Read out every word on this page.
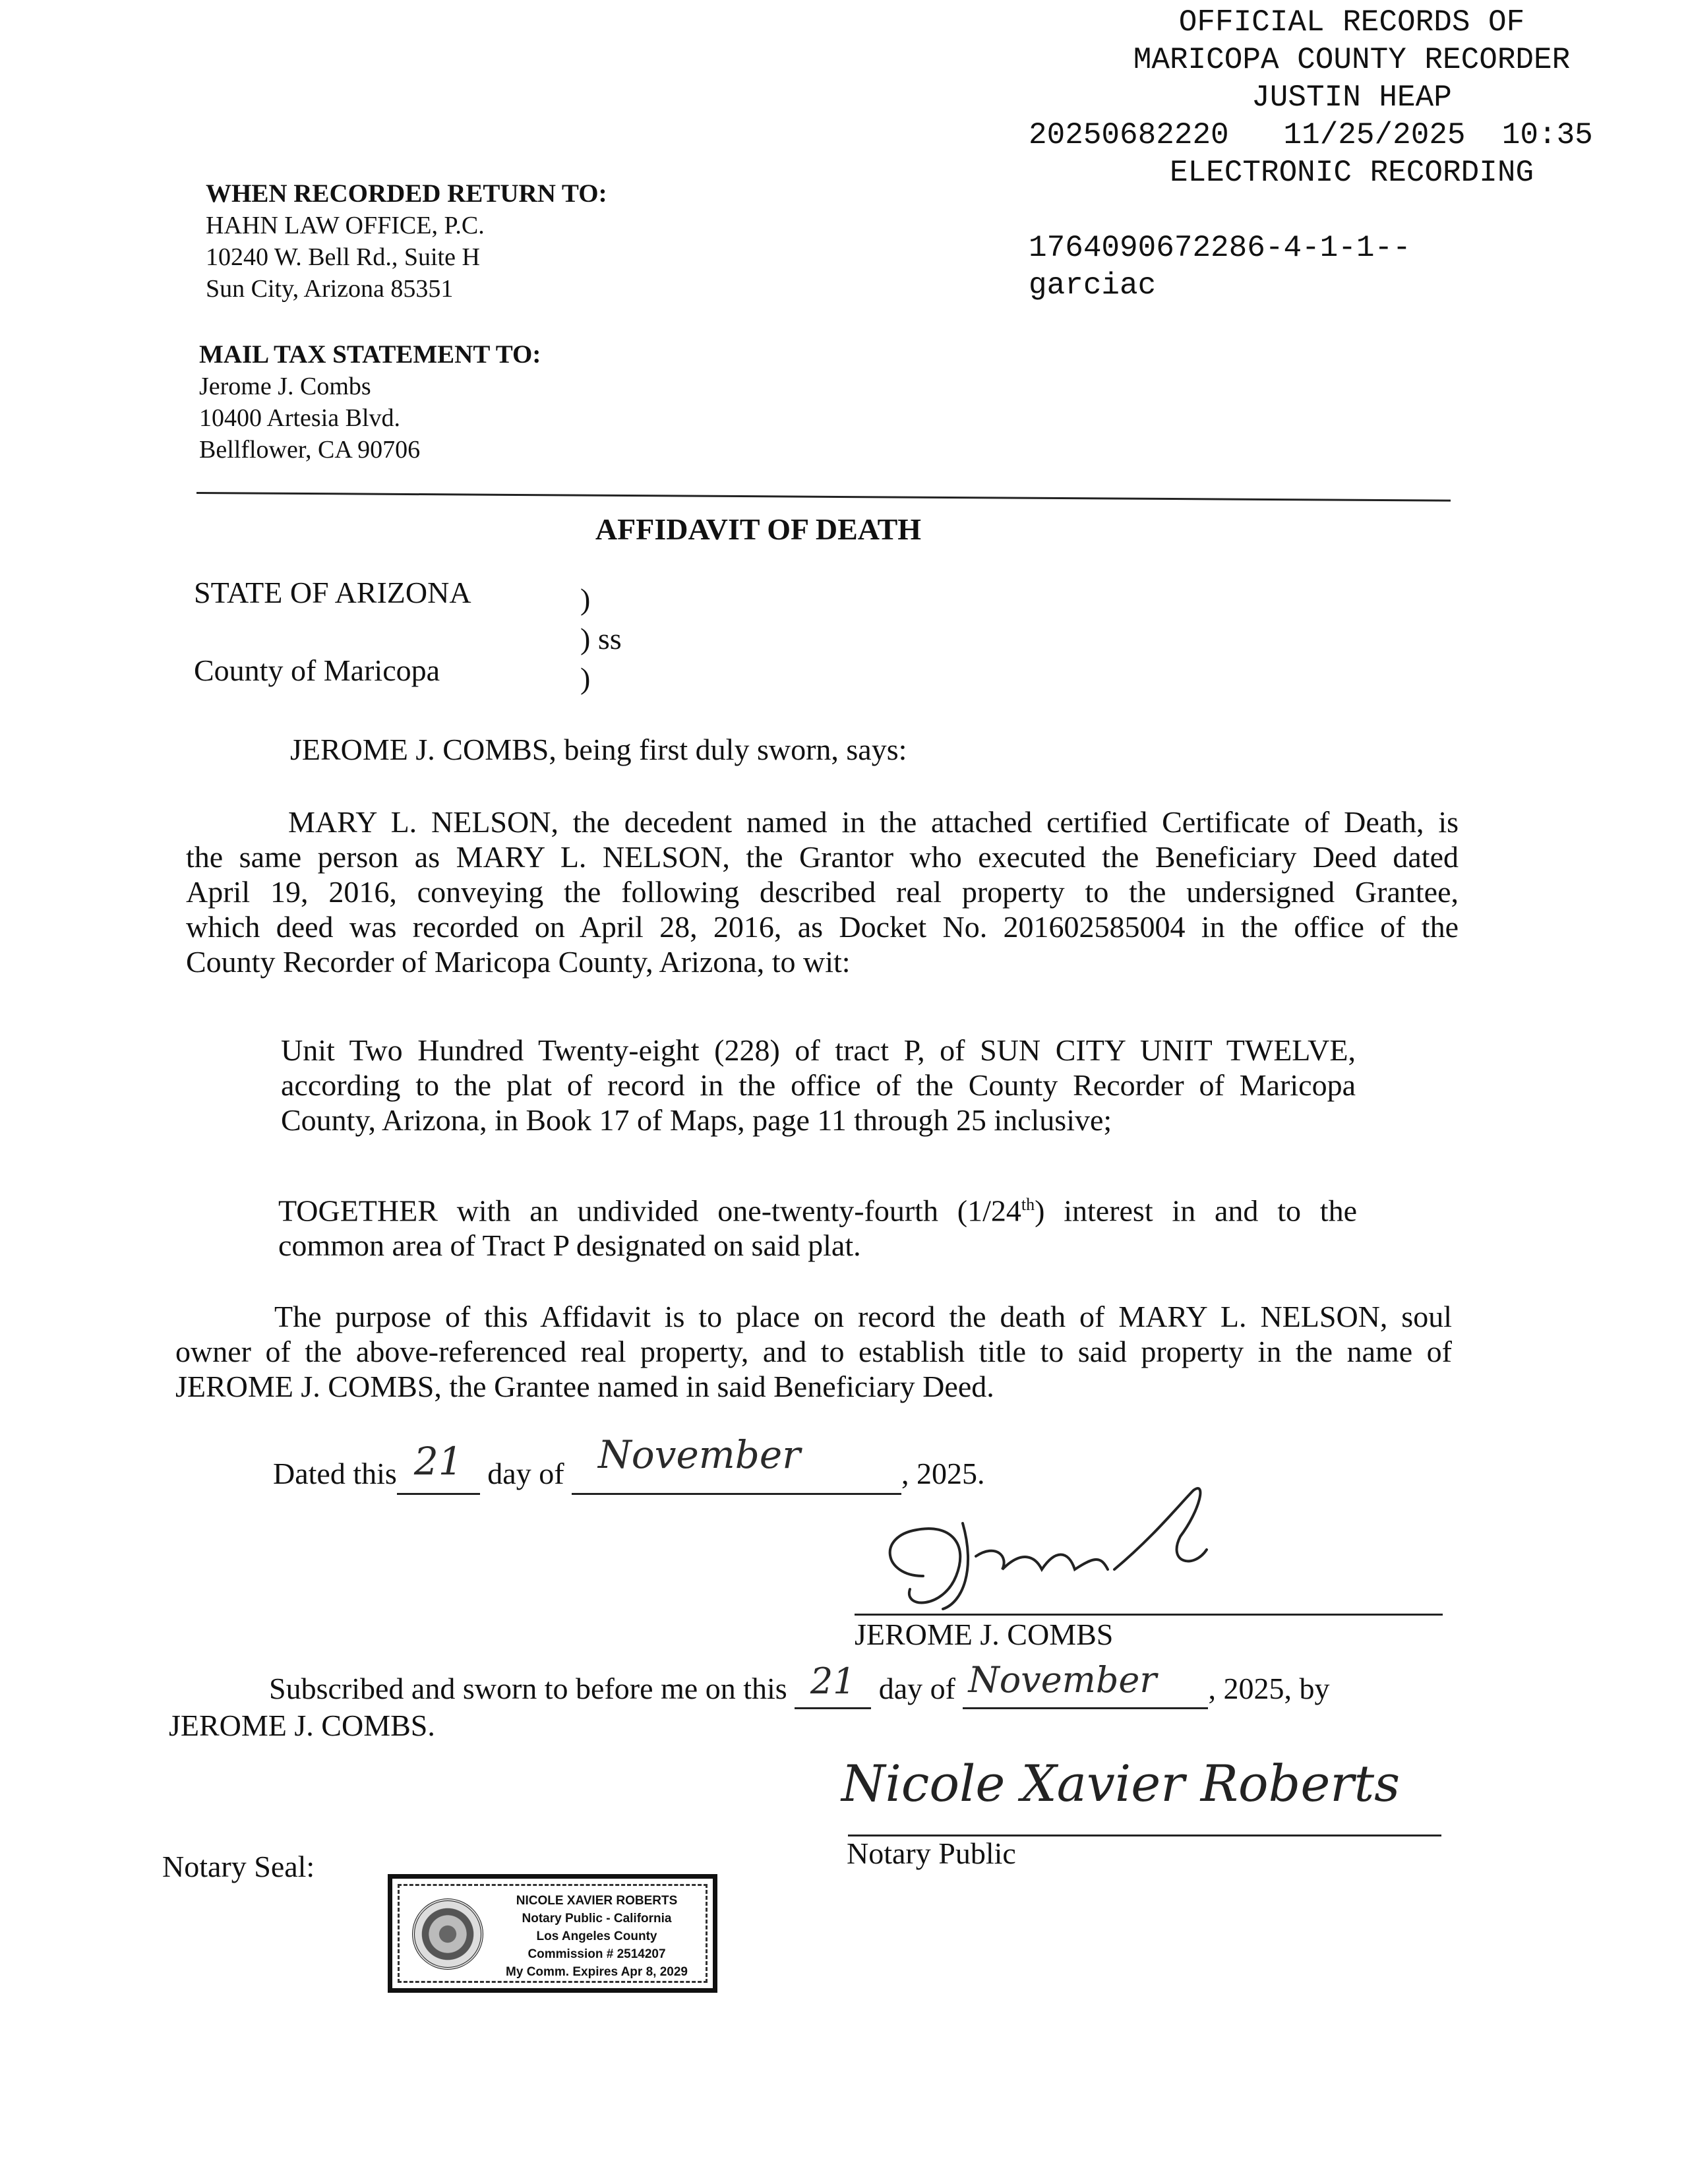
OFFICIAL RECORDS OF
MARICOPA COUNTY RECORDER
JUSTIN HEAP
20250682220 11/25/2025 10:35
ELECTRONIC RECORDING
1764090672286-4-1-1--
garciac
WHEN RECORDED RETURN TO:
HAHN LAW OFFICE, P.C.
10240 W. Bell Rd., Suite H
Sun City, Arizona 85351
MAIL TAX STATEMENT TO:
Jerome J. Combs
10400 Artesia Blvd.
Bellflower, CA 90706
AFFIDAVIT OF DEATH
STATE OF ARIZONA	)
) ss
County of Maricopa	)
JEROME J. COMBS, being first duly sworn, says:
MARY L. NELSON, the decedent named in the attached certified Certificate of Death, is
the same person as MARY L. NELSON, the Grantor who executed the Beneficiary Deed dated
April 19, 2016, conveying the following described real property to the undersigned Grantee,
which deed was recorded on April 28, 2016, as Docket No. 201602585004 in the office of the
County Recorder of Maricopa County, Arizona, to wit:
Unit Two Hundred Twenty-eight (228) of tract P, of SUN CITY UNIT TWELVE,
according to the plat of record in the office of the County Recorder of Maricopa
County, Arizona, in Book 17 of Maps, page 11 through 25 inclusive;
TOGETHER with an undivided one-twenty-fourth (1/24th) interest in and to the
common area of Tract P designated on said plat.
The purpose of this Affidavit is to place on record the death of MARY L. NELSON, soul
owner of the above-referenced real property, and to establish title to said property in the name of
JEROME J. COMBS, the Grantee named in said Beneficiary Deed.
Dated this 21 day of November	, 2025.
JEROME J. COMBS
Subscribed and sworn to before me on this 21 day of November , 2025, by
JEROME J. COMBS.
Nicole Xavier Roberts
Notary Public
Notary Seal:
NICOLE XAVIER ROBERTS
Notary Public - California
Los Angeles County
Commission # 2514207
My Comm. Expires Apr 8, 2029
